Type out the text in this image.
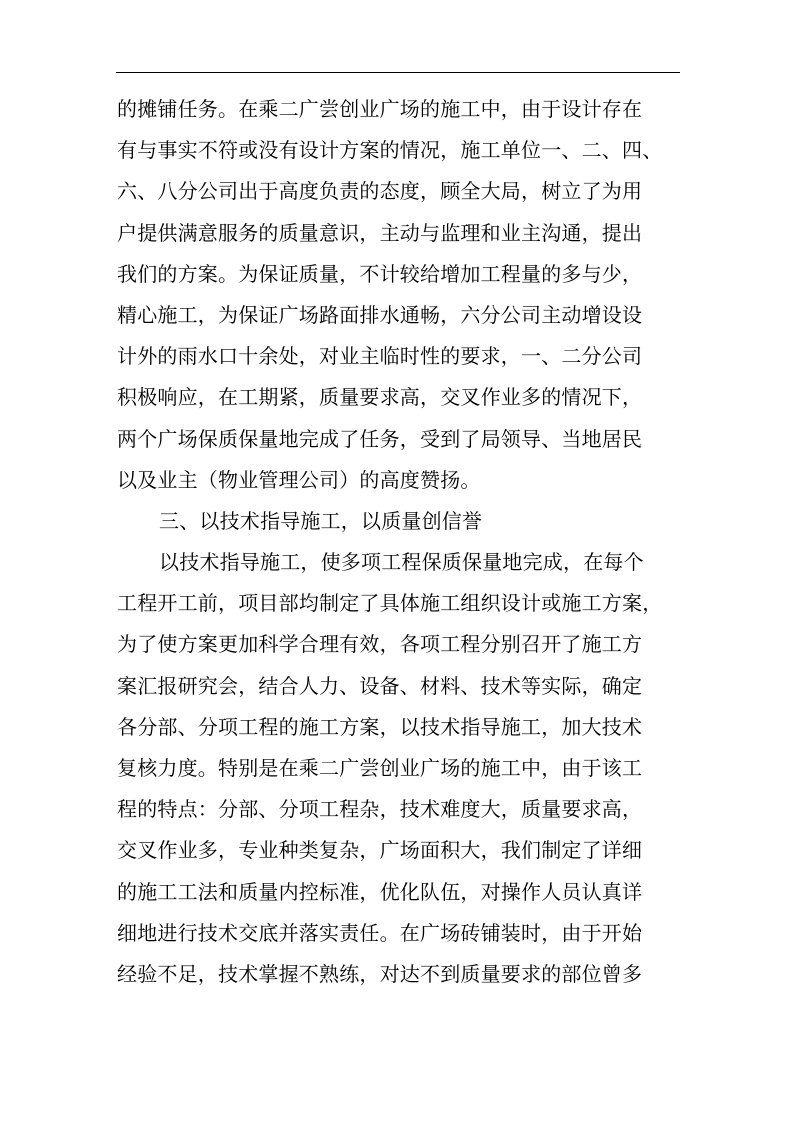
的摊铺任务。在乘二广尝创业广场的施工中，由于设计存在
有与事实不符或没有设计方案的情况，施工单位一、二、四、
六、八分公司出于高度负责的态度，顾全大局，树立了为用
户提供满意服务的质量意识，主动与监理和业主沟通，提出
我们的方案。为保证质量，不计较给增加工程量的多与少，
精心施工，为保证广场路面排水通畅，六分公司主动增设设
计外的雨水口十余处，对业主临时性的要求，一、二分公司
积极响应，在工期紧，质量要求高，交叉作业多的情况下，
两个广场保质保量地完成了任务，受到了局领导、当地居民
以及业主（物业管理公司）的高度赞扬。
三、以技术指导施工，以质量创信誉
以技术指导施工，使多项工程保质保量地完成，在每个
工程开工前，项目部均制定了具体施工组织设计或施工方案，
为了使方案更加科学合理有效，各项工程分别召开了施工方
案汇报研究会，结合人力、设备、材料、技术等实际，确定
各分部、分项工程的施工方案，以技术指导施工，加大技术
复核力度。特别是在乘二广尝创业广场的施工中，由于该工
程的特点：分部、分项工程杂，技术难度大，质量要求高，
交叉作业多，专业种类复杂，广场面积大，我们制定了详细
的施工工法和质量内控标准，优化队伍，对操作人员认真详
细地进行技术交底并落实责任。在广场砖铺装时，由于开始
经验不足，技术掌握不熟练，对达不到质量要求的部位曾多
